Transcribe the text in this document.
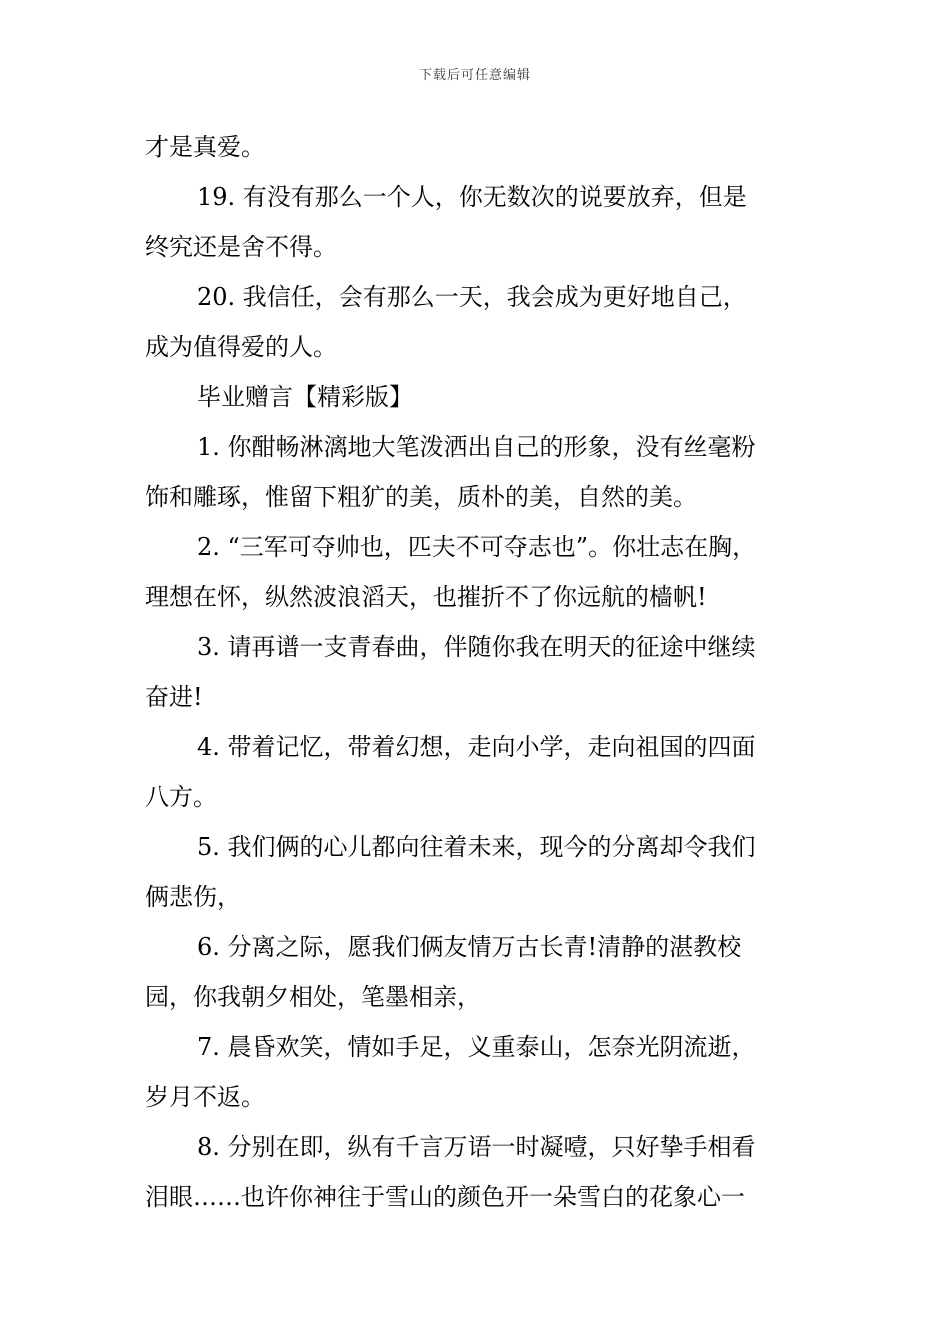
下载后可任意编辑
才是真爱。
19. 有没有那么一个人，你无数次的说要放弃，但是
终究还是舍不得。
20. 我信任，会有那么一天，我会成为更好地自己，
成为值得爱的人。
毕业赠言【精彩版】
1. 你酣畅淋漓地大笔泼洒出自己的形象，没有丝毫粉
饰和雕琢，惟留下粗犷的美，质朴的美，自然的美。
2. “三军可夺帅也，匹夫不可夺志也”。你壮志在胸，
理想在怀，纵然波浪滔天，也摧折不了你远航的樯帆!
3. 请再谱一支青春曲，伴随你我在明天的征途中继续
奋进!
4. 带着记忆，带着幻想，走向小学，走向祖国的四面
八方。
5. 我们俩的心儿都向往着未来，现今的分离却令我们
俩悲伤，
6. 分离之际，愿我们俩友情万古长青!清静的湛教校
园，你我朝夕相处，笔墨相亲，
7. 晨昏欢笑，情如手足，义重泰山，怎奈光阴流逝，
岁月不返。
8. 分别在即，纵有千言万语一时凝噎，只好挚手相看
泪眼……也许你神往于雪山的颜色开一朵雪白的花象心一
